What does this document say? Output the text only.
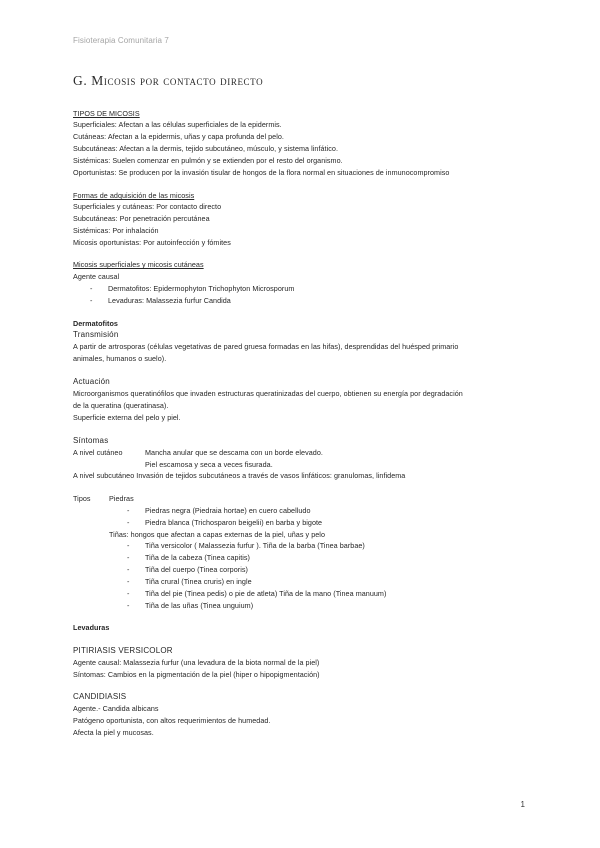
Fisioterapia Comunitaria 7
G. Micosis por contacto directo
TIPOS DE MICOSIS
Superficiales: Afectan a las células superficiales de la epidermis.
Cutáneas: Afectan a la epidermis, uñas y capa profunda del pelo.
Subcutáneas: Afectan a la dermis, tejido subcutáneo, músculo, y sistema linfático.
Sistémicas: Suelen comenzar en pulmón y se extienden por el resto del organismo.
Oportunistas: Se producen por la invasión tisular de hongos de la flora normal en situaciones de inmunocompromiso
Formas de adquisición de las micosis
Superficiales y cutáneas: Por contacto directo
Subcutáneas: Por penetración percutánea
Sistémicas: Por inhalación
Micosis oportunistas: Por autoinfección y fómites
Micosis superficiales y micosis cutáneas
Agente causal
- Dermatofitos: Epidermophyton Trichophyton Microsporum
- Levaduras: Malassezia furfur Candida
Dermatofitos
Transmisión
A partir de artrosporas (células vegetativas de pared gruesa formadas en las hifas), desprendidas del huésped primario
animales, humanos o suelo).
Actuación
Microorganismos queratinófilos que invaden estructuras queratinizadas del cuerpo, obtienen su energía por degradación
de la queratina (queratinasa).
Superficie externa del pelo y piel.
Síntomas
A nivel cutáneo	Mancha anular que se descama con un borde elevado.
Piel escamosa y seca a veces fisurada.
A nivel subcutáneo Invasión de tejidos subcutáneos a través de vasos linfáticos: granulomas, linfidema
Tipos	Piedras
- Piedras negra (Piedraia hortae) en cuero cabelludo
- Piedra blanca (Trichosparon beigelii) en barba y bigote
Tiñas: hongos que afectan a capas externas de la piel, uñas y pelo
- Tiña versicolor ( Malassezia furfur ). Tiña de la barba (Tinea barbae)
- Tiña de la cabeza (Tinea capitis)
- Tiña del cuerpo (Tinea corporis)
- Tiña crural (Tinea cruris) en ingle
- Tiña del pie (Tinea pedis) o pie de atleta) Tiña de la mano (Tinea manuum)
- Tiña de las uñas (Tinea unguium)
Levaduras
PITIRIASIS VERSICOLOR
Agente causal: Malassezia furfur (una levadura de la biota normal de la piel)
Síntomas: Cambios en la pigmentación de la piel (hiper o hipopigmentación)
CANDIDIASIS
Agente.- Candida albicans
Patógeno oportunista, con altos requerimientos de humedad.
Afecta la piel y mucosas.
1
